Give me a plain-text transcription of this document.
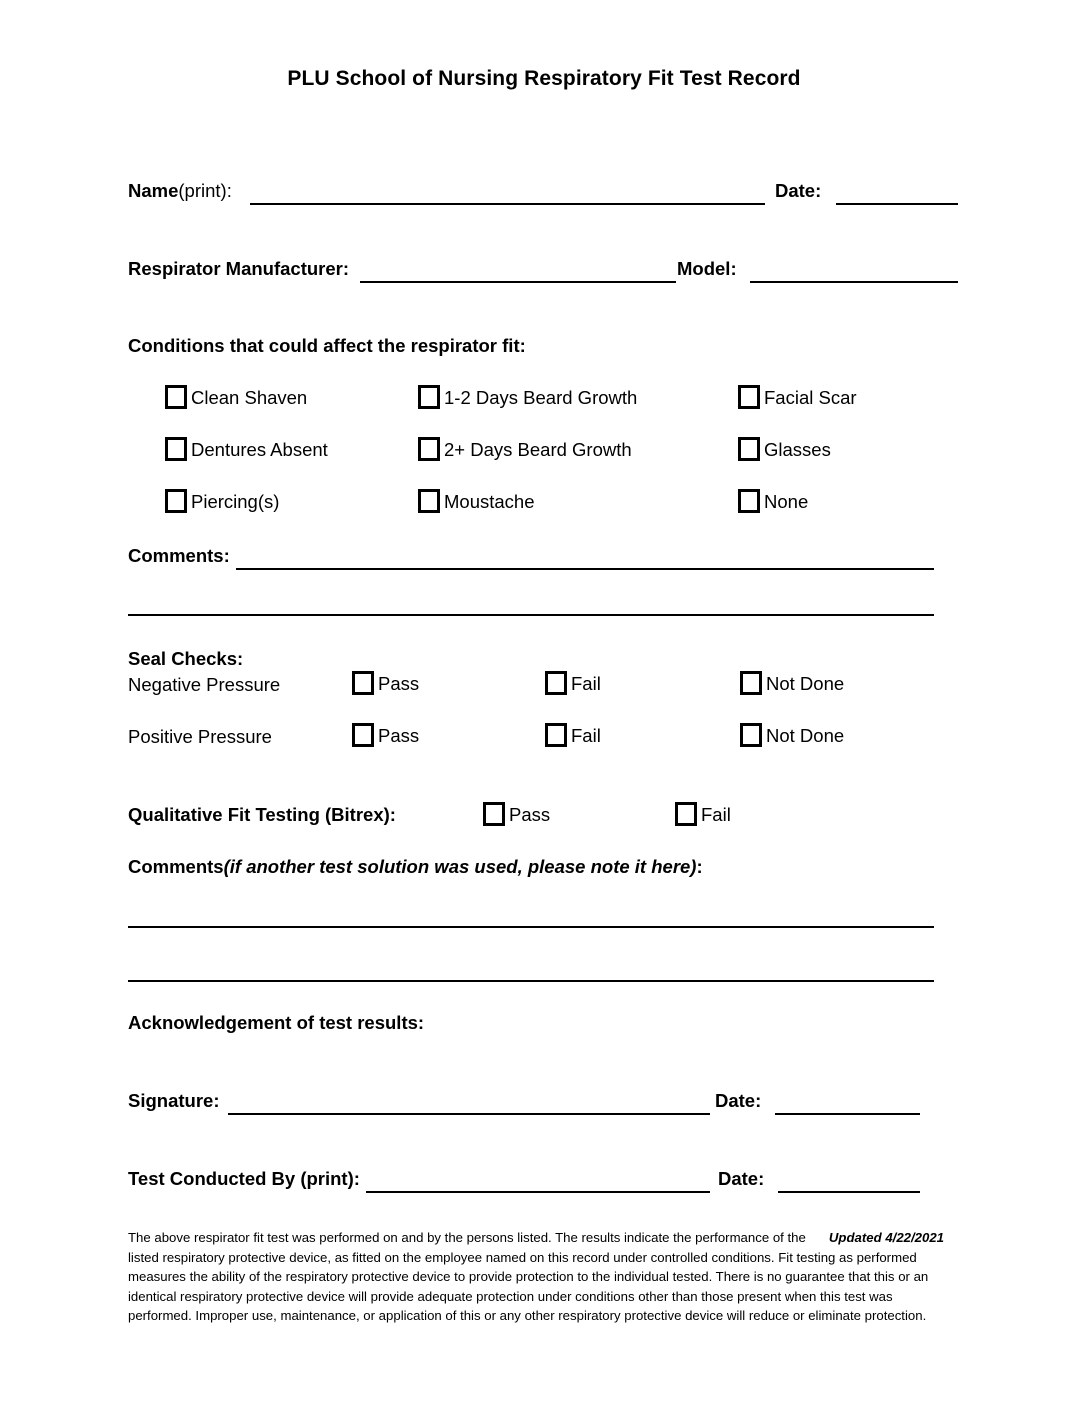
PLU School of Nursing Respiratory Fit Test Record
Name (print):	Date:
Respirator Manufacturer:	Model:
Conditions that could affect the respirator fit:
Clean Shaven	1-2 Days Beard Growth	Facial Scar
Dentures Absent	2+ Days Beard Growth	Glasses
Piercing(s)	Moustache	None
Comments:
Seal Checks:
Negative Pressure	Pass	Fail	Not Done
Positive Pressure	Pass	Fail	Not Done
Qualitative Fit Testing (Bitrex):	Pass	Fail
Comments (if another test solution was used, please note it here) :
Acknowledgement of test results:
Signature:	Date:
Test Conducted By (print):	Date:
Updated 4/22/2021
The above respirator fit test was performed on and by the persons listed. The results indicate the performance of the listed respiratory protective device, as fitted on the employee named on this record under controlled conditions. Fit testing as performed measures the ability of the respiratory protective device to provide protection to the individual tested. There is no guarantee that this or an identical respiratory protective device will provide adequate protection under conditions other than those present when this test was performed. Improper use, maintenance, or application of this or any other respiratory protective device will reduce or eliminate protection.
